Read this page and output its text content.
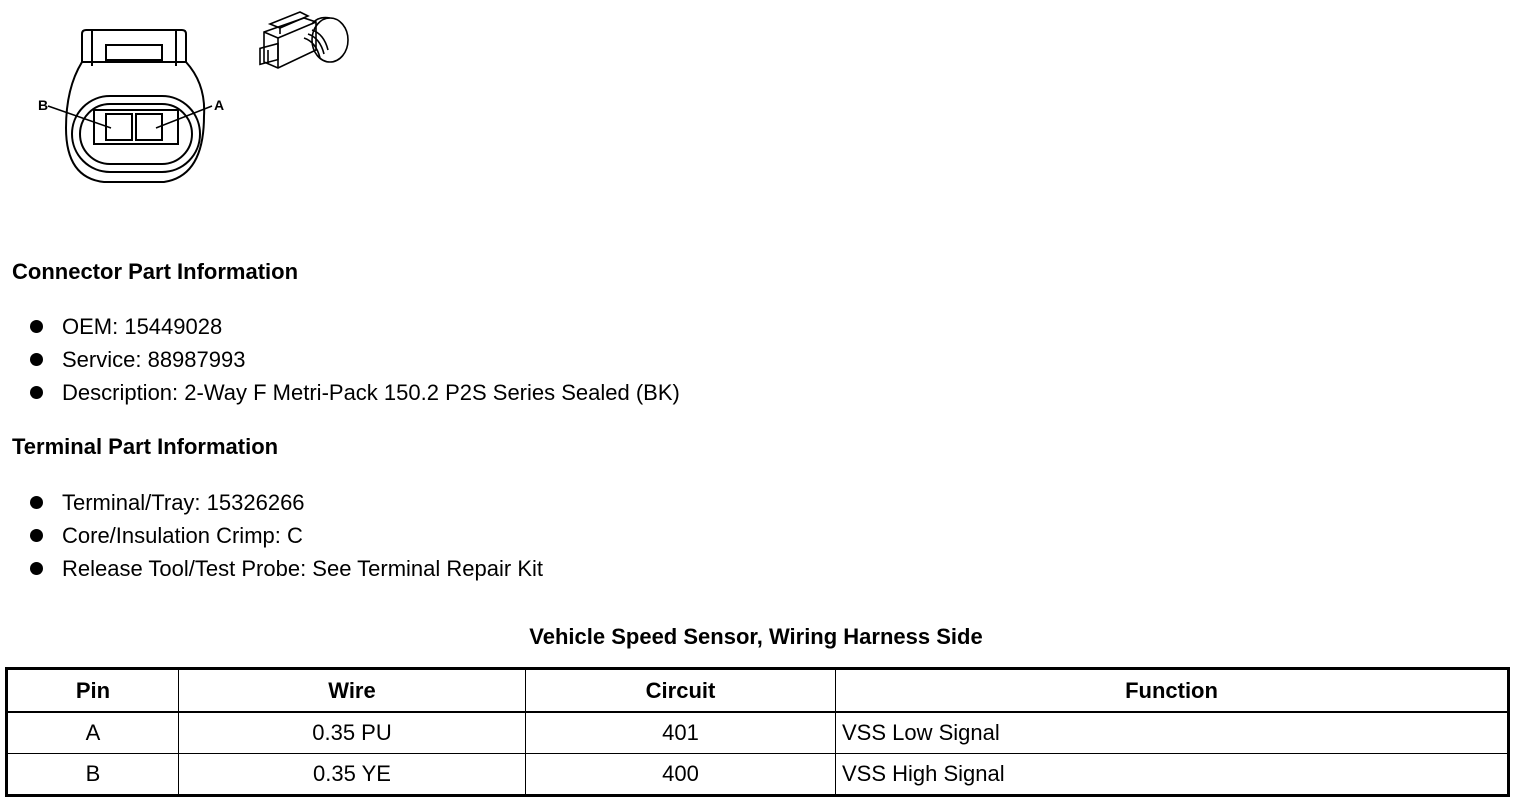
B	A
Connector Part Information
OEM: 15449028
Service: 88987993
Description: 2-Way F Metri-Pack 150.2 P2S Series Sealed (BK)
Terminal Part Information
Terminal/Tray: 15326266
Core/Insulation Crimp: C
Release Tool/Test Probe: See Terminal Repair Kit
Vehicle Speed Sensor, Wiring Harness Side
Pin	Wire	Circuit	Function
A	0.35 PU	401	VSS Low Signal
B	0.35 YE	400	VSS High Signal
